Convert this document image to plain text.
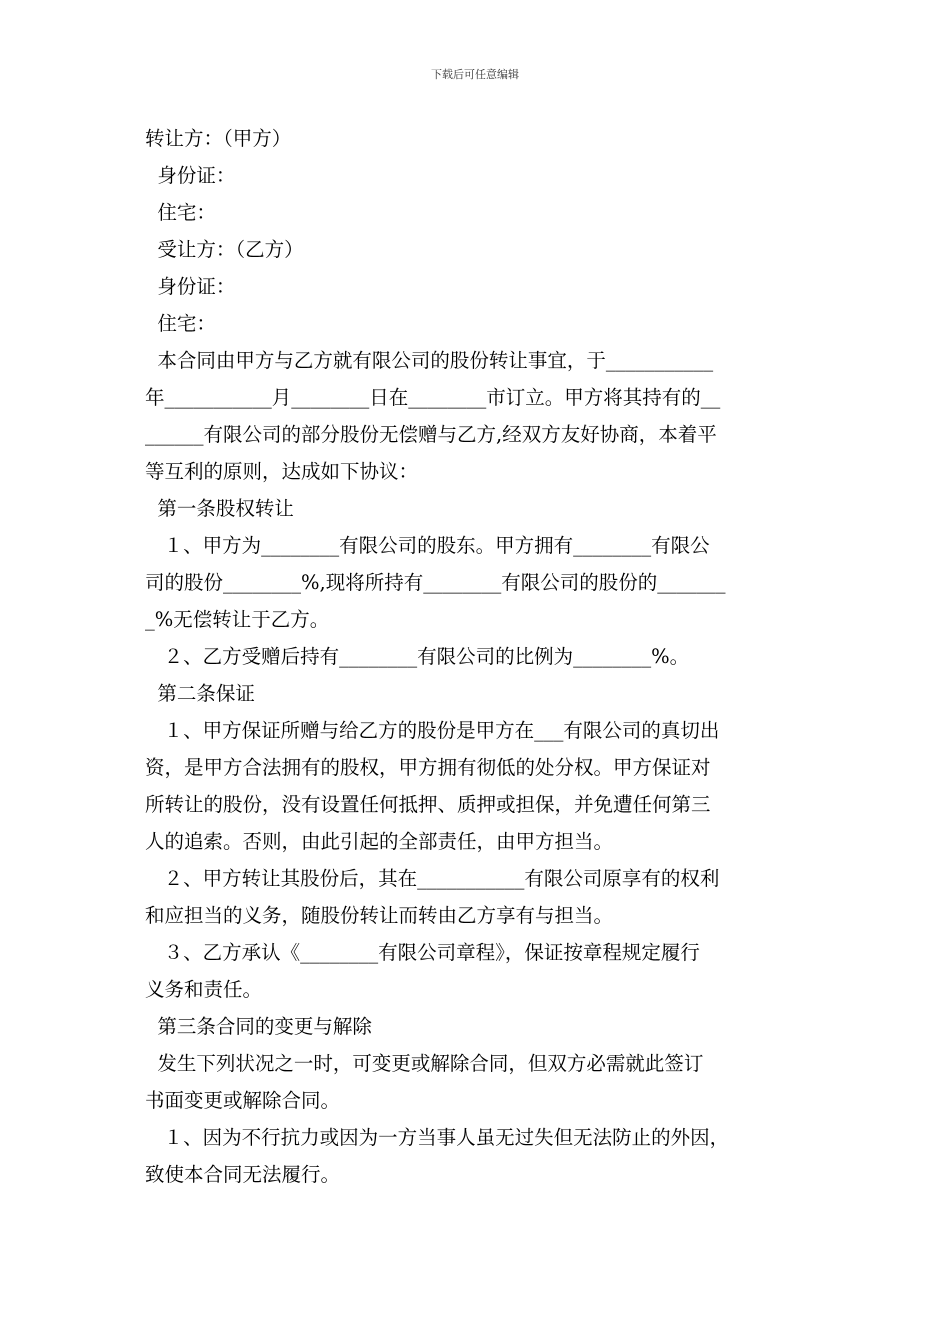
下载后可任意编辑
转让方：（甲方）
身份证：
住宅：
受让方：（乙方）
身份证：
住宅：
本合同由甲方与乙方就有限公司的股份转让事宜，于___________
年___________月________日在________市订立。甲方将其持有的__
______有限公司的部分股份无偿赠与乙方,经双方友好协商，本着平
等互利的原则，达成如下协议：
第一条股权转让
１、甲方为________有限公司的股东。甲方拥有________有限公
司的股份________%,现将所持有________有限公司的股份的_______
_%无偿转让于乙方。
２、乙方受赠后持有________有限公司的比例为________%。
第二条保证
１、甲方保证所赠与给乙方的股份是甲方在___有限公司的真切出
资，是甲方合法拥有的股权，甲方拥有彻低的处分权。甲方保证对
所转让的股份，没有设置任何抵押、质押或担保，并免遭任何第三
人的追索。否则，由此引起的全部责任，由甲方担当。
２、甲方转让其股份后，其在___________有限公司原享有的权利
和应担当的义务，随股份转让而转由乙方享有与担当。
３、乙方承认《________有限公司章程》，保证按章程规定履行
义务和责任。
第三条合同的变更与解除
发生下列状况之一时，可变更或解除合同，但双方必需就此签订
书面变更或解除合同。
１、因为不行抗力或因为一方当事人虽无过失但无法防止的外因，
致使本合同无法履行。
